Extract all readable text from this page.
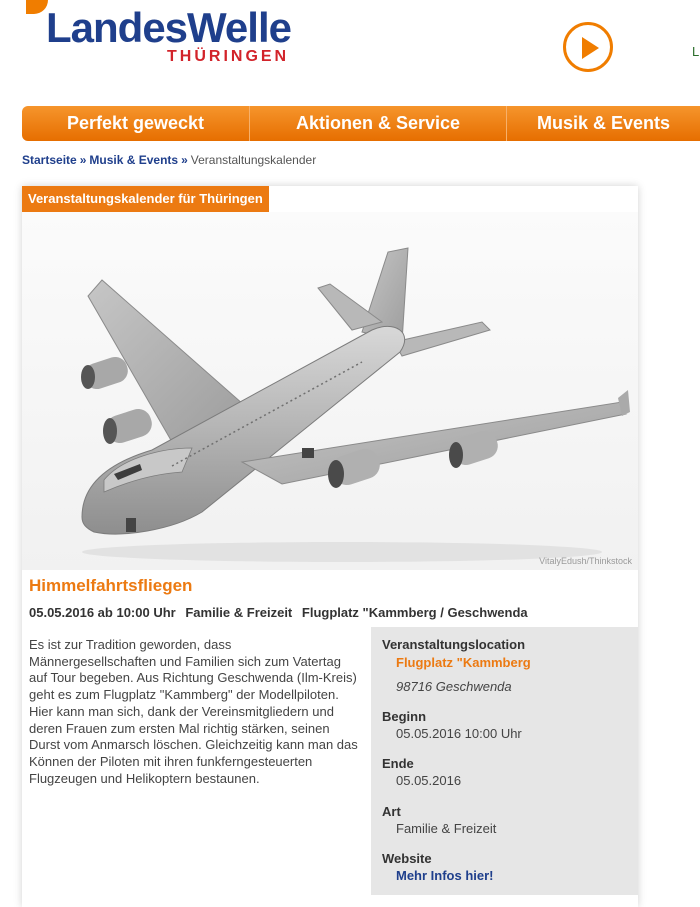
LandesWelle
THÜRINGEN	L
Perfekt geweckt	Aktionen & Service	Musik & Events
Startseite » Musik & Events » Veranstaltungskalender
Veranstaltungskalender für Thüringen
VitalyEdush/Thinkstock
Himmelfahrtsfliegen
05.05.2016 ab 10:00 Uhr Familie & Freizeit Flugplatz "Kammberg / Geschwenda
Es ist zur Tradition geworden, dass Männergesellschaften und Familien sich zum Vatertag auf Tour begeben. Aus Richtung Geschwenda (Ilm-Kreis) geht es zum Flugplatz "Kammberg" der Modellpiloten. Hier kann man sich, dank der Vereinsmitgliedern und deren Frauen zum ersten Mal richtig stärken, seinen Durst vom Anmarsch löschen. Gleichzeitig kann man das Können der Piloten mit ihren funkferngesteuerten Flugzeugen und Helikoptern bestaunen.
Veranstaltungslocation
Flugplatz "Kammberg
98716 Geschwenda
Beginn
05.05.2016 10:00 Uhr
Ende
05.05.2016
Art
Familie & Freizeit
Website
Mehr Infos hier!
